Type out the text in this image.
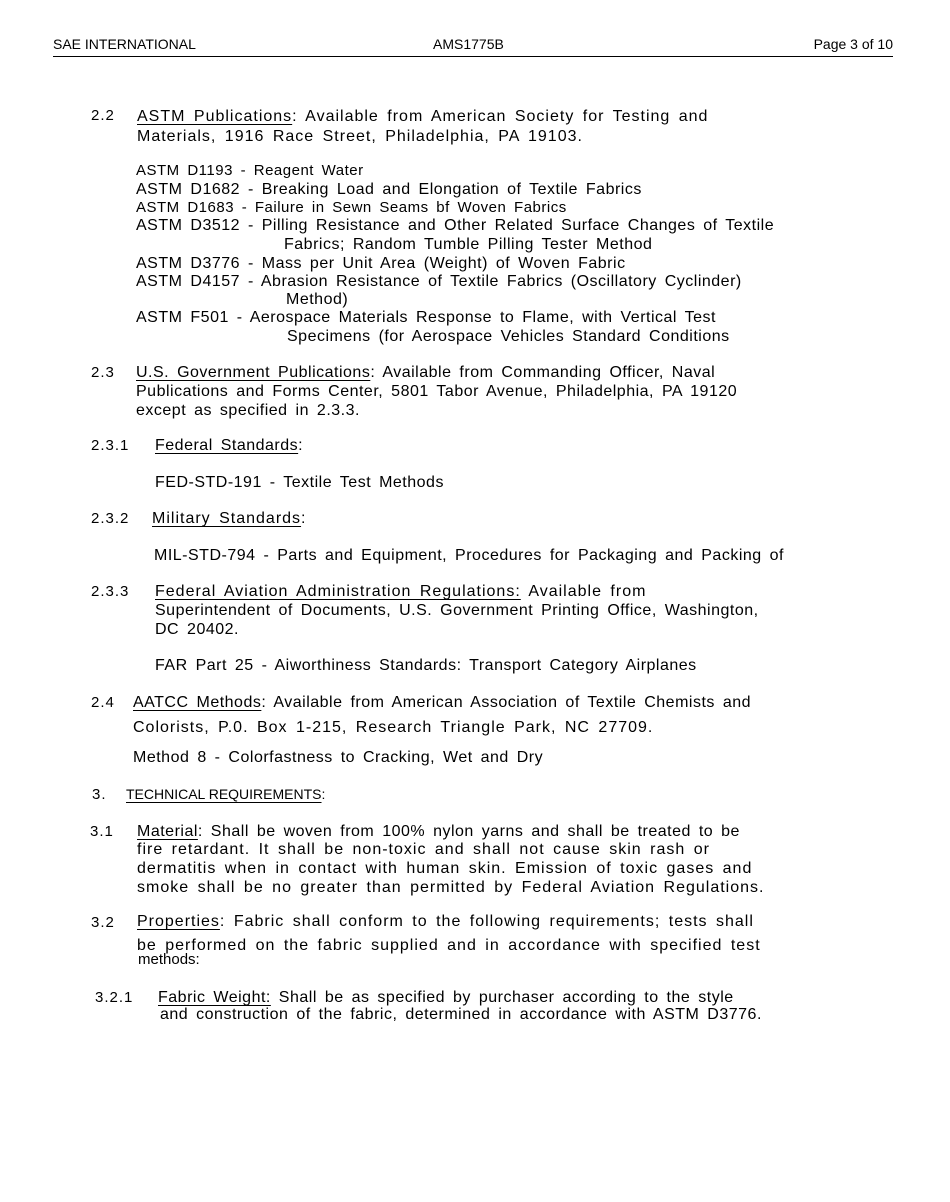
SAE INTERNATIONAL	AMS1775B	Page 3 of 10
2.2 ASTM Publications: Available from American Society for Testing and
Materials, 1916 Race Street, Philadelphia, PA 19103.
ASTM D1193 - Reagent Water
ASTM D1682 - Breaking Load and Elongation of Textile Fabrics
ASTM D1683 - Failure in Sewn Seams bf Woven Fabrics
ASTM D3512 - Pilling Resistance and Other Related Surface Changes of Textile
Fabrics; Random Tumble Pilling Tester Method
ASTM D3776 - Mass per Unit Area (Weight) of Woven Fabric
ASTM D4157 - Abrasion Resistance of Textile Fabrics (Oscillatory Cyclinder)
Method)
ASTM F501 - Aerospace Materials Response to Flame, with Vertical Test
Specimens (for Aerospace Vehicles Standard Conditions
2.3 U.S. Government Publications: Available from Commanding Officer, Naval
Publications and Forms Center, 5801 Tabor Avenue, Philadelphia, PA 19120
except as specified in 2.3.3.
2.3.1 Federal Standards:
FED-STD-191 - Textile Test Methods
2.3.2 Military Standards:
MIL-STD-794 - Parts and Equipment, Procedures for Packaging and Packing of
2.3.3 Federal Aviation Administration Regulations: Available from
Superintendent of Documents, U.S. Government Printing Office, Washington,
DC 20402.
FAR Part 25 - Aiworthiness Standards: Transport Category Airplanes
2.4 AATCC Methods: Available from American Association of Textile Chemists and
Colorists, P.0. Box 1-215, Research Triangle Park, NC 27709.
Method 8 - Colorfastness to Cracking, Wet and Dry
3. TECHNICAL REQUIREMENTS:
3.1 Material: Shall be woven from 100% nylon yarns and shall be treated to be
fire retardant. It shall be non-toxic and shall not cause skin rash or
dermatitis when in contact with human skin. Emission of toxic gases and
smoke shall be no greater than permitted by Federal Aviation Regulations.
3.2 Properties: Fabric shall conform to the following requirements; tests shall
be performed on the fabric supplied and in accordance with specified test
methods:
3.2.1 Fabric Weight: Shall be as specified by purchaser according to the style
and construction of the fabric, determined in accordance with ASTM D3776.
